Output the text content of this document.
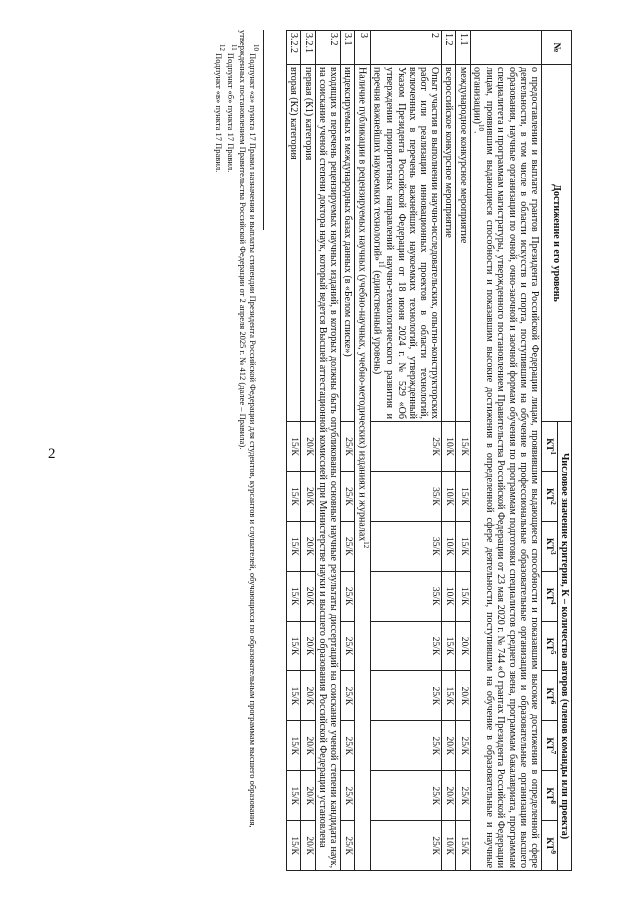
2
№	Достижение и его уровень	Числовое значение критерия, К – количество авторов (членов команды или проекта)								
		$КТ^1$	$КТ^2$	$КТ^3$	$КТ^4$	$КТ^5$	$КТ^6$	$КТ^7$	$КТ^8$	$КТ^9$
	о предоставлении и выплате грантов Президента Российской Федерации лицам, проявившим выдающиеся способности и показавшим высокие достижения в определенной сфере деятельности, в том числе в области искусств и спорта, поступившим на обучение в профессиональные образовательные организации и образовательные организации высшего образования, научные организации по очной, очно-заочной и заочной формам обучения по программам подготовки специалистов среднего звена, программам бакалавриата, программам специалитета и программам магистратуры, утвержденного постановлением Правительства Российской Федерации от 23 мая 2020 г. № 744 «О грантах Президента Российской Федерации лицам, проявившим выдающиеся способности и показавшим высокие достижения в определенной сфере деятельности, поступившим на обучение в образовательные и научные организации)$^{10}$.									
1.1	международное конкурсное мероприятие	15/К	15/К	15/К	15/К	20/К	20/К	25/К	25/К	15/К
1.2	всероссийское конкурсное мероприятие	10/К	10/К	10/К	10/К	15/К	15/К	20/К	20/К	10/К
2	Опыт участия в выполнении научно-исследовательских, опытно-конструкторских работ или реализации инновационных проектов в области технологий, включенных в перечень важнейших наукоемких технологий, утвержденный Указом Президента Российской Федерации от 18 июня 2024 г. № 529 «Об утверждении приоритетных направлений научно-технологического развития и перечня важнейших наукоемких технологий»$^{11}$ (единственный уровень)	25/К	35/К	35/К	35/К	25/К	25/К	25/К	25/К	25/К
3	Наличие публикации в рецензируемых научных (учебно-научных, учебно-методических) изданиях и журналах$^{12}$
3.1	индексируемых в международных базах данных (в «Белом списке»)	25/К	25/К	25/К	25/К	25/К	25/К	25/К	25/К	25/К
3.2	входящих в перечень рецензируемых научных изданий, в которых должны быть опубликованы основные научные результаты диссертаций на соискание ученой степени кандидата наук, на соискание ученой степени доктора наук, который ведется Высшей аттестационной комиссией при Министерстве науки и высшего образования Российской Федерации установлена									
3.2.1	первая (К1) категория	20/К	20/К	20/К	20/К	20/К	20/К	20/К	20/К	20/К
3.2.2	вторая (К2) категория	15/К	15/К	15/К	15/К	15/К	15/К	15/К	15/К	15/К
$^{10}$ Подпункт «а» пункта 17 Правил назначения и выплаты стипендии Президента Российской Федерации для студентов, курсантов и слушателей, обучающихся по образовательным программам высшего образования, утвержденных постановлением Правительства Российской Федерации от 2 апреля 2025 г. № 412 (далее – Правила).
$^{11}$ Подпункт «б» пункта 17 Правил.
$^{12}$ Подпункт «в» пункта 17 Правил.
